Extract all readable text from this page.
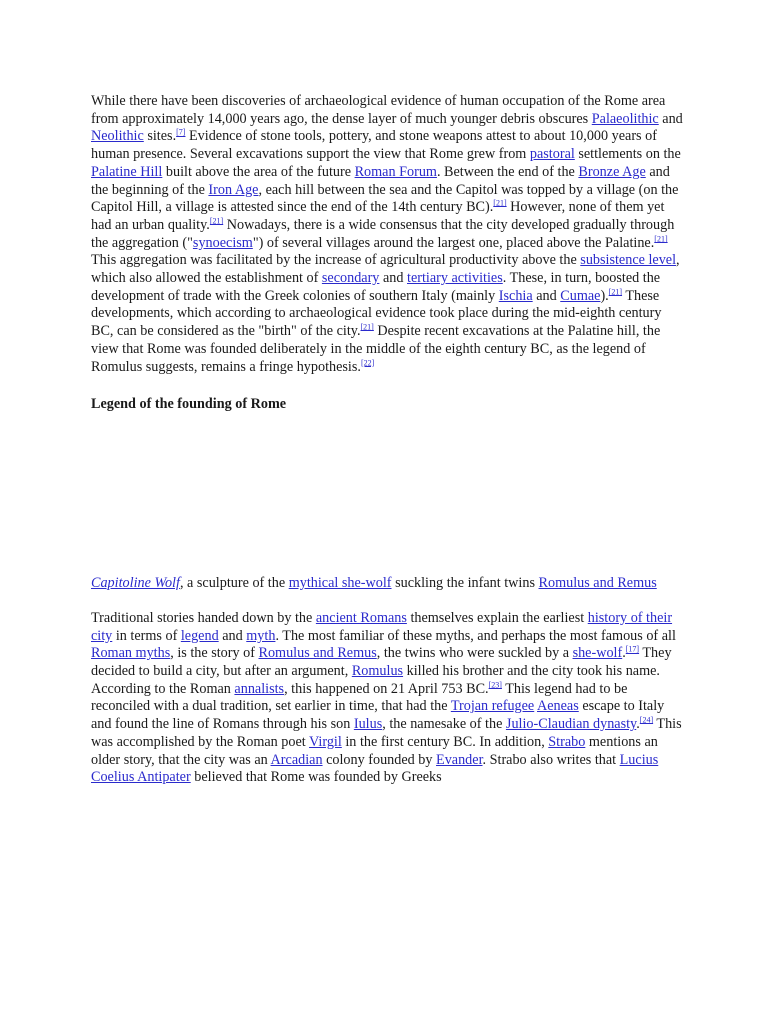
While there have been discoveries of archaeological evidence of human occupation of the Rome area from approximately 14,000 years ago, the dense layer of much younger debris obscures Palaeolithic and Neolithic sites.[7] Evidence of stone tools, pottery, and stone weapons attest to about 10,000 years of human presence. Several excavations support the view that Rome grew from pastoral settlements on the Palatine Hill built above the area of the future Roman Forum. Between the end of the Bronze Age and the beginning of the Iron Age, each hill between the sea and the Capitol was topped by a village (on the Capitol Hill, a village is attested since the end of the 14th century BC).[21] However, none of them yet had an urban quality.[21] Nowadays, there is a wide consensus that the city developed gradually through the aggregation ("synoecism") of several villages around the largest one, placed above the Palatine.[21] This aggregation was facilitated by the increase of agricultural productivity above the subsistence level, which also allowed the establishment of secondary and tertiary activities. These, in turn, boosted the development of trade with the Greek colonies of southern Italy (mainly Ischia and Cumae).[21] These developments, which according to archaeological evidence took place during the mid-eighth century BC, can be considered as the "birth" of the city.[21] Despite recent excavations at the Palatine hill, the view that Rome was founded deliberately in the middle of the eighth century BC, as the legend of Romulus suggests, remains a fringe hypothesis.[22]

Legend of the founding of Rome

Capitoline Wolf, a sculpture of the mythical she-wolf suckling the infant twins Romulus and Remus

Traditional stories handed down by the ancient Romans themselves explain the earliest history of their city in terms of legend and myth. The most familiar of these myths, and perhaps the most famous of all Roman myths, is the story of Romulus and Remus, the twins who were suckled by a she-wolf.[17] They decided to build a city, but after an argument, Romulus killed his brother and the city took his name. According to the Roman annalists, this happened on 21 April 753 BC.[23] This legend had to be reconciled with a dual tradition, set earlier in time, that had the Trojan refugee Aeneas escape to Italy and found the line of Romans through his son Iulus, the namesake of the Julio-Claudian dynasty.[24] This was accomplished by the Roman poet Virgil in the first century BC. In addition, Strabo mentions an older story, that the city was an Arcadian colony founded by Evander. Strabo also writes that Lucius Coelius Antipater believed that Rome was founded by Greeks
